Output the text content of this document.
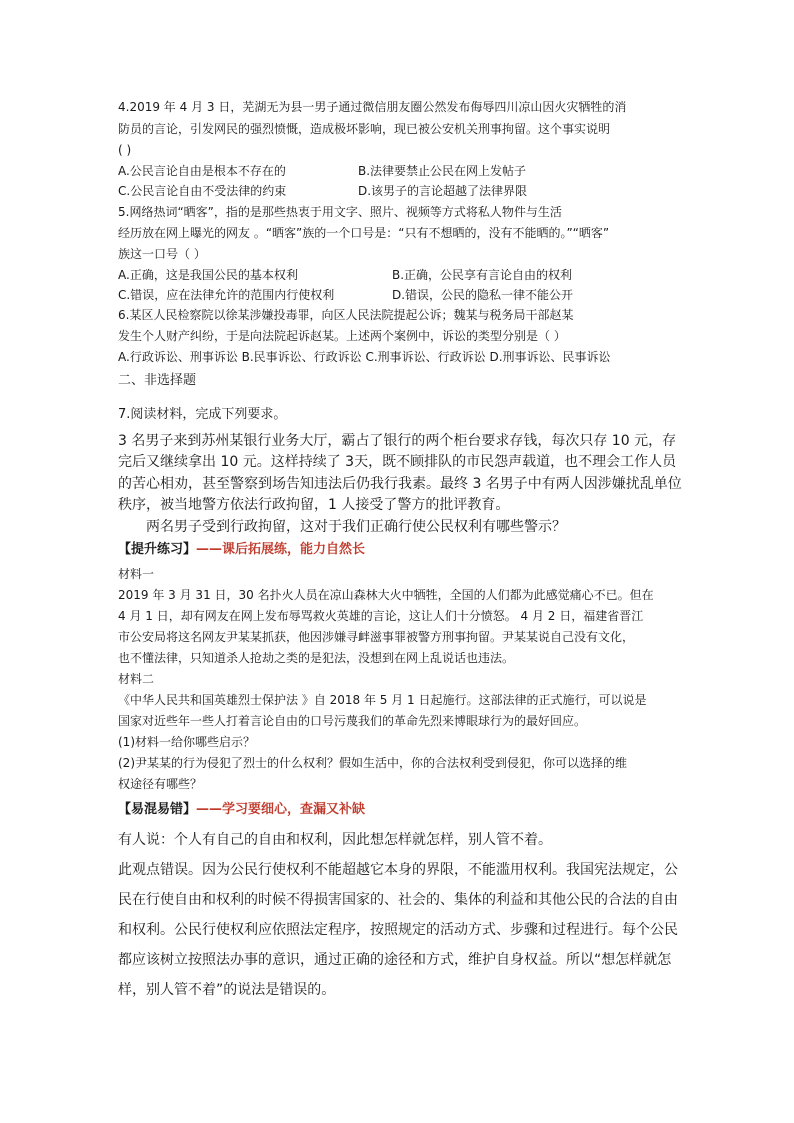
4.2019 年 4 月 3 日，芜湖无为县一男子通过微信朋友圈公然发布侮辱四川凉山因火灾牺牲的消
防员的言论，引发网民的强烈愤慨，造成极坏影响，现已被公安机关刑事拘留。这个事实说明
( )
A.公民言论自由是根本不存在的	B.法律要禁止公民在网上发帖子
C.公民言论自由不受法律的约束	D.该男子的言论超越了法律界限
5.网络热词“晒客”，指的是那些热衷于用文字、照片、视频等方式将私人物件与生活
经历放在网上曝光的网友 。“晒客”族的一个口号是：“只有不想晒的，没有不能晒的。”“晒客”
族这一口号（ ）
A.正确，这是我国公民的基本权利	B.正确，公民享有言论自由的权利
C.错误，应在法律允许的范围内行使权利	D.错误，公民的隐私一律不能公开
6.某区人民检察院以徐某涉嫌投毒罪，向区人民法院提起公诉；魏某与税务局干部赵某
发生个人财产纠纷，于是向法院起诉赵某。上述两个案例中，诉讼的类型分别是（ ）
A.行政诉讼、刑事诉讼 B.民事诉讼、行政诉讼 C.刑事诉讼、行政诉讼 D.刑事诉讼、民事诉讼
二、非选择题
7.阅读材料，完成下列要求。
3 名男子来到苏州某银行业务大厅，霸占了银行的两个柜台要求存钱，每次只存 10 元，存
完后又继续拿出 10 元。这样持续了 3天，既不顾排队的市民怨声载道，也不理会工作人员
的苦心相劝，甚至警察到场告知违法后仍我行我素。最终 3 名男子中有两人因涉嫌扰乱单位
秩序，被当地警方依法行政拘留，1 人接受了警方的批评教育。
两名男子受到行政拘留，这对于我们正确行使公民权利有哪些警示？
【提升练习】——课后拓展练，能力自然长
材料一
2019 年 3 月 31 日，30 名扑火人员在凉山森林大火中牺牲，全国的人们都为此感觉痛心不已。但在
4 月 1 日，却有网友在网上发布辱骂救火英雄的言论，这让人们十分愤怒。 4 月 2 日，福建省晋江
市公安局将这名网友尹某某抓获，他因涉嫌寻衅滋事罪被警方刑事拘留。尹某某说自己没有文化，
也不懂法律，只知道杀人抢劫之类的是犯法，没想到在网上乱说话也违法。
材料二
《中华人民共和国英雄烈士保护法 》自 2018 年 5 月 1 日起施行。这部法律的正式施行，可以说是
国家对近些年一些人打着言论自由的口号污蔑我们的革命先烈来博眼球行为的最好回应。
(1)材料一给你哪些启示？
(2)尹某某的行为侵犯了烈士的什么权利？假如生活中，你的合法权利受到侵犯，你可以选择的维
权途径有哪些？
【易混易错】——学习要细心，查漏又补缺
有人说：个人有自己的自由和权利，因此想怎样就怎样，别人管不着。
此观点错误。因为公民行使权利不能超越它本身的界限，不能滥用权利。我国宪法规定，公
民在行使自由和权利的时候不得损害国家的、社会的、集体的利益和其他公民的合法的自由
和权利。公民行使权利应依照法定程序，按照规定的活动方式、步骤和过程进行。每个公民
都应该树立按照法办事的意识，通过正确的途径和方式，维护自身权益。所以“想怎样就怎
样，别人管不着”的说法是错误的。
